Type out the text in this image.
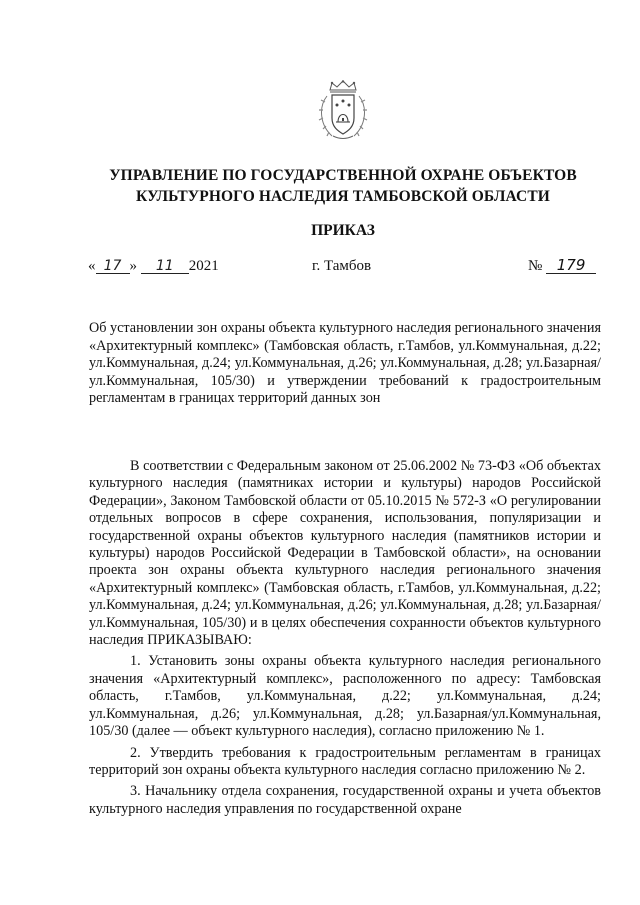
УПРАВЛЕНИЕ ПО ГОСУДАРСТВЕННОЙ ОХРАНЕ ОБЪЕКТОВ
КУЛЬТУРНОГО НАСЛЕДИЯ ТАМБОВСКОЙ ОБЛАСТИ
ПРИКАЗ
« 17 » 11 2021	г. Тамбов	№ 179
Об установлении зон охраны объекта культурного наследия регионального значения «Архитектурный комплекс» (Тамбовская область, г.Тамбов, ул.Коммунальная, д.22; ул.Коммунальная, д.24; ул.Коммунальная, д.26; ул.Коммунальная, д.28; ул.Базарная/ул.Коммунальная, 105/30) и утверждении требований к градостроительным регламентам в границах территорий данных зон

В соответствии с Федеральным законом от 25.06.2002 № 73-ФЗ «Об объектах культурного наследия (памятниках истории и культуры) народов Российской Федерации», Законом Тамбовской области от 05.10.2015 № 572-З «О регулировании отдельных вопросов в сфере сохранения, использования, популяризации и государственной охраны объектов культурного наследия (памятников истории и культуры) народов Российской Федерации в Тамбовской области», на основании проекта зон охраны объекта культурного наследия регионального значения «Архитектурный комплекс» (Тамбовская область, г.Тамбов, ул.Коммунальная, д.22; ул.Коммунальная, д.24; ул.Коммунальная, д.26; ул.Коммунальная, д.28; ул.Базарная/ул.Коммунальная, 105/30) и в целях обеспечения сохранности объектов культурного наследия ПРИКАЗЫВАЮ:

1. Установить зоны охраны объекта культурного наследия регионального значения «Архитектурный комплекс», расположенного по адресу: Тамбовская область, г.Тамбов, ул.Коммунальная, д.22; ул.Коммунальная, д.24; ул.Коммунальная, д.26; ул.Коммунальная, д.28; ул.Базарная/ул.Коммунальная, 105/30 (далее — объект культурного наследия), согласно приложению № 1.

2. Утвердить требования к градостроительным регламентам в границах территорий зон охраны объекта культурного наследия согласно приложению № 2.

3. Начальнику отдела сохранения, государственной охраны и учета объектов культурного наследия управления по государственной охране
